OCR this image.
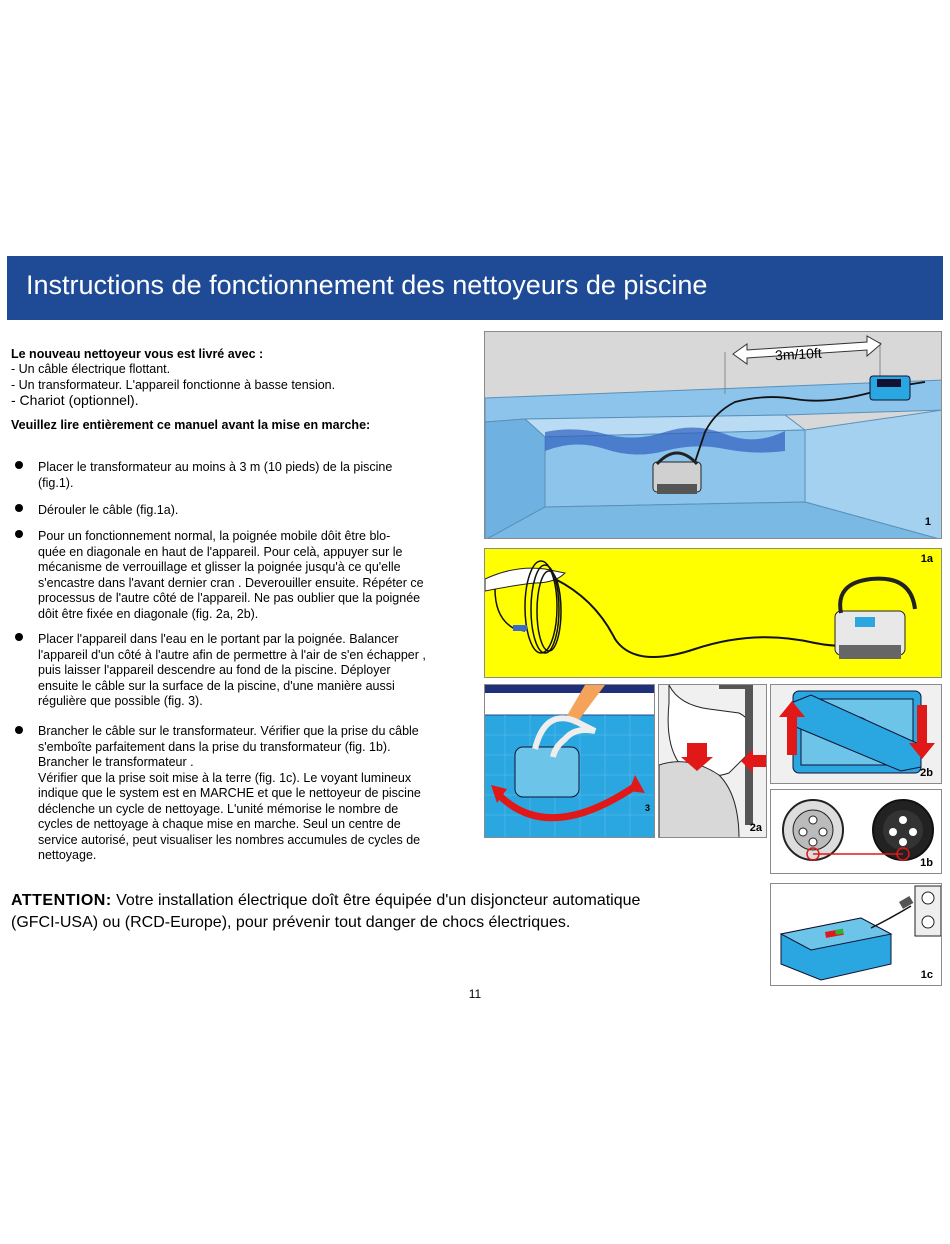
Instructions de fonctionnement des nettoyeurs de piscine
Le nouveau nettoyeur vous est livré avec :
- Un câble électrique flottant.
- Un transformateur. L'appareil fonctionne à basse tension.
- Chariot (optionnel).
Veuillez lire entièrement ce manuel avant la mise en marche:
Placer le transformateur au moins à 3 m (10 pieds) de la piscine
(fig.1).
Dérouler le câble (fig.1a).
Pour un fonctionnement normal, la poignée mobile dôit être blo-
quée en diagonale en haut de l'appareil. Pour celà, appuyer sur le
mécanisme de verrouillage et glisser la poignée jusqu'à ce qu'elle
s'encastre dans l'avant dernier cran . Deverouiller ensuite. Répéter ce
processus de l'autre côté de l'appareil. Ne pas oublier que la poignée
dôit être fixée en diagonale (fig. 2a, 2b).
Placer l'appareil dans l'eau en le portant par la poignée. Balancer
l'appareil d'un côté à l'autre afin de permettre à l'air de s'en échapper ,
puis laisser l'appareil descendre au fond de la piscine. Déployer
ensuite le câble sur la surface de la piscine, d'une manière aussi
régulière que possible (fig. 3).
Brancher le câble sur le transformateur. Vérifier que la prise du câble
s'emboîte parfaitement dans la prise du transformateur (fig. 1b).
Brancher le transformateur .
Vérifier que la prise soit mise à la terre (fig. 1c). Le voyant lumineux
indique que le system est en MARCHE et que le nettoyeur de piscine
déclenche un cycle de nettoyage. L'unité mémorise le nombre de
cycles de nettoyage à chaque mise en marche. Seul un centre de
service autorisé, peut visualiser les nombres accumules de cycles de
nettoyage.
ATTENTION: Votre installation électrique doît être équipée d'un disjoncteur automatique
(GFCI-USA) ou (RCD-Europe), pour prévenir tout danger de chocs électriques.
11
3m/10ft
1
1a
3
2a
2b
1b
1c
